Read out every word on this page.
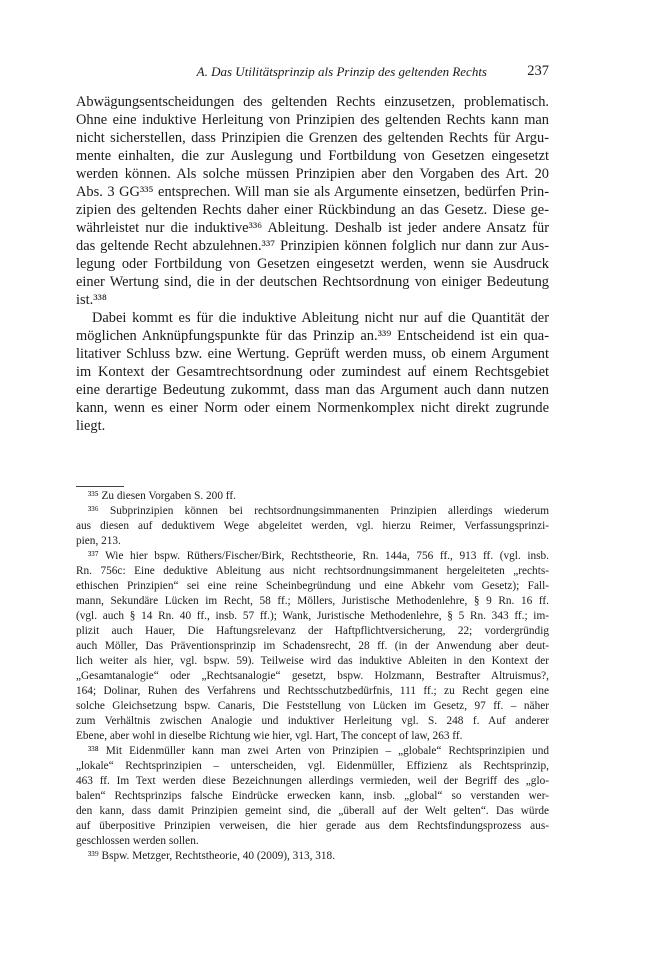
A. Das Utilitätsprinzip als Prinzip des geltenden Rechts	237
Abwägungsentscheidungen des geltenden Rechts einzusetzen, problematisch.
Ohne eine induktive Herleitung von Prinzipien des geltenden Rechts kann man
nicht sicherstellen, dass Prinzipien die Grenzen des geltenden Rechts für Argu-
mente einhalten, die zur Auslegung und Fortbildung von Gesetzen eingesetzt
werden können. Als solche müssen Prinzipien aber den Vorgaben des Art. 20
Abs. 3 GG³³⁵ entsprechen. Will man sie als Argumente einsetzen, bedürfen Prin-
zipien des geltenden Rechts daher einer Rückbindung an das Gesetz. Diese ge-
währleistet nur die induktive³³⁶ Ableitung. Deshalb ist jeder andere Ansatz für
das geltende Recht abzulehnen.³³⁷ Prinzipien können folglich nur dann zur Aus-
legung oder Fortbildung von Gesetzen eingesetzt werden, wenn sie Ausdruck
einer Wertung sind, die in der deutschen Rechtsordnung von einiger Bedeutung
ist.³³⁸
Dabei kommt es für die induktive Ableitung nicht nur auf die Quantität der
möglichen Anknüpfungspunkte für das Prinzip an.³³⁹ Entscheidend ist ein qua-
litativer Schluss bzw. eine Wertung. Geprüft werden muss, ob einem Argument
im Kontext der Gesamtrechtsordnung oder zumindest auf einem Rechtsgebiet
eine derartige Bedeutung zukommt, dass man das Argument auch dann nutzen
kann, wenn es einer Norm oder einem Normenkomplex nicht direkt zugrunde
liegt.
³³⁵ Zu diesen Vorgaben S. 200 ff.
³³⁶ Subprinzipien können bei rechtsordnungsimmanenten Prinzipien allerdings wiederum
aus diesen auf deduktivem Wege abgeleitet werden, vgl. hierzu Reimer, Verfassungsprinzi-
pien, 213.
³³⁷ Wie hier bspw. Rüthers/Fischer/Birk, Rechtstheorie, Rn. 144a, 756 ff., 913 ff. (vgl. insb.
Rn. 756c: Eine deduktive Ableitung aus nicht rechtsordnungsimmanent hergeleiteten „rechts-
ethischen Prinzipien“ sei eine reine Scheinbegründung und eine Abkehr vom Gesetz); Fall-
mann, Sekundäre Lücken im Recht, 58 ff.; Möllers, Juristische Methodenlehre, § 9 Rn. 16 ff.
(vgl. auch § 14 Rn. 40 ff., insb. 57 ff.); Wank, Juristische Methodenlehre, § 5 Rn. 343 ff.; im-
plizit auch Hauer, Die Haftungsrelevanz der Haftpflichtversicherung, 22; vordergründig
auch Möller, Das Präventionsprinzip im Schadensrecht, 28 ff. (in der Anwendung aber deut-
lich weiter als hier, vgl. bspw. 59). Teilweise wird das induktive Ableiten in den Kontext der
„Gesamtanalogie“ oder „Rechtsanalogie“ gesetzt, bspw. Holzmann, Bestrafter Altruismus?,
164; Dolinar, Ruhen des Verfahrens und Rechtsschutzbedürfnis, 111 ff.; zu Recht gegen eine
solche Gleichsetzung bspw. Canaris, Die Feststellung von Lücken im Gesetz, 97 ff. – näher
zum Verhältnis zwischen Analogie und induktiver Herleitung vgl. S. 248 f. Auf anderer
Ebene, aber wohl in dieselbe Richtung wie hier, vgl. Hart, The concept of law, 263 ff.
³³⁸ Mit Eidenmüller kann man zwei Arten von Prinzipien – „globale“ Rechtsprinzipien und
„lokale“ Rechtsprinzipien – unterscheiden, vgl. Eidenmüller, Effizienz als Rechtsprinzip,
463 ff. Im Text werden diese Bezeichnungen allerdings vermieden, weil der Begriff des „glo-
balen“ Rechtsprinzips falsche Eindrücke erwecken kann, insb. „global“ so verstanden wer-
den kann, dass damit Prinzipien gemeint sind, die „überall auf der Welt gelten“. Das würde
auf überpositive Prinzipien verweisen, die hier gerade aus dem Rechtsfindungsprozess aus-
geschlossen werden sollen.
³³⁹ Bspw. Metzger, Rechtstheorie, 40 (2009), 313, 318.
